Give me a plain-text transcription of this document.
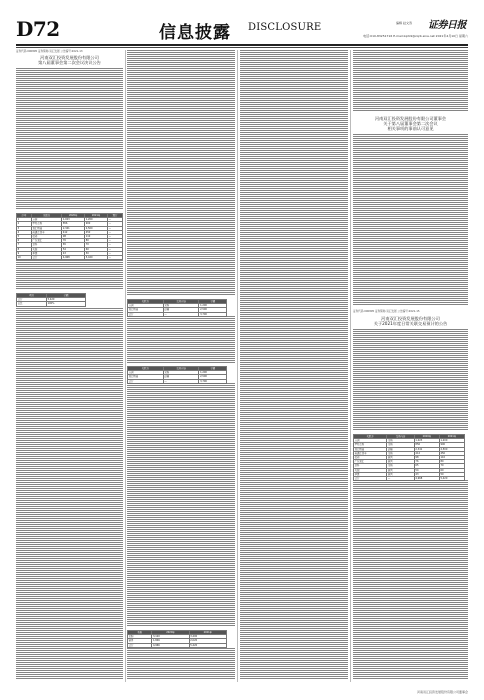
D72	信息披露 DISCLOSURE	编辑 赵文涛 证券日报
电话:010-83251716 E-mail:zqrb9@zqrb.sina.net 2021年4月10日 星期六
证券代码:000895 证券简称:双汇发展 公告编号:2021-13
河南双汇投资发展股份有限公司
第八届董事会第二次会议决议公告
序号	关联方	2020年	2021年	预计
1	万洲	1,023	1,200	—
2	罗特克斯	856	900	—
3	双汇物流	2,341	2,500	—
4	南通汇羽丰	412	450	—
5	杜邦	98	110	—
6	广东双汇	76	80	—
7	意科	65	70	—
8	天瑞	54	60	—
9	华懋	43	50	—
10	合计	4,968	5,420	—
项目	金额
合计	5,420
占比	100%
关联方	交易内容	金额
万洲	采购	1,200
双汇物流	运输	2,500
合计	—	3,700
关联方	交易内容	金额
万洲	采购	1,200
双汇物流	运输	2,500
合计	—	3,700
名称	2020年	2021年
采购	3,120	3,400
销售	1,846	2,020
合计	4,966	5,420
河南双汇投资发展股份有限公司董事会
关于第八届董事会第二次会议
相关事项的事前认可意见
证券代码:000895 证券简称:双汇发展 公告编号:2021-15
河南双汇投资发展股份有限公司
关于2021年度日常关联交易预计的公告
关联方	交易内容	2020年	2021年
万洲	采购	1,023	1,200
罗特克斯	采购	856	900
双汇物流	运输	2,341	2,500
南通汇羽丰	采购	412	450
杜邦	销售	98	110
广东双汇	销售	76	80
意科	采购	65	70
天瑞	销售	54	60
华懋	销售	43	50
合计	—	4,968	5,420
河南双汇投资发展股份有限公司董事会
